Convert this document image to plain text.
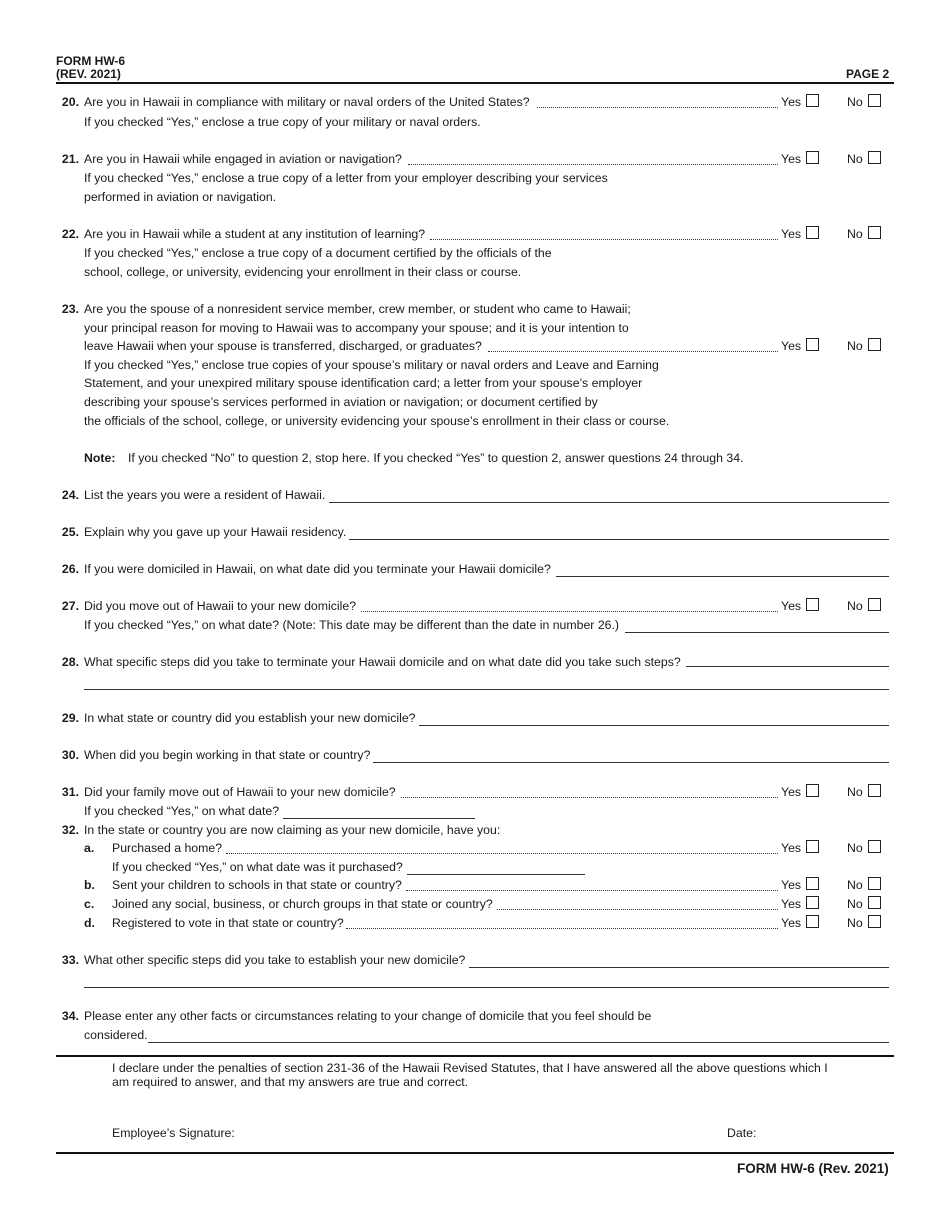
FORM HW-6
(REV. 2021)	PAGE 2
20. Are you in Hawaii in compliance with military or naval orders of the United States?	Yes	No
If you checked “Yes,” enclose a true copy of your military or naval orders.
21. Are you in Hawaii while engaged in aviation or navigation?	Yes	No
If you checked “Yes,” enclose a true copy of a letter from your employer describing your services
performed in aviation or navigation.
22. Are you in Hawaii while a student at any institution of learning?	Yes	No
If you checked “Yes,” enclose a true copy of a document certified by the officials of the
school, college, or university, evidencing your enrollment in their class or course.
23. Are you the spouse of a nonresident service member, crew member, or student who came to Hawaii;
your principal reason for moving to Hawaii was to accompany your spouse; and it is your intention to
leave Hawaii when your spouse is transferred, discharged, or graduates?	Yes	No
If you checked “Yes,” enclose true copies of your spouse’s military or naval orders and Leave and Earning
Statement, and your unexpired military spouse identification card; a letter from your spouse’s employer
describing your spouse’s services performed in aviation or navigation; or document certified by
the officials of the school, college, or university evidencing your spouse’s enrollment in their class or course.
Note: If you checked “No” to question 2, stop here. If you checked “Yes” to question 2, answer questions 24 through 34.
24. List the years you were a resident of Hawaii.
25. Explain why you gave up your Hawaii residency.
26. If you were domiciled in Hawaii, on what date did you terminate your Hawaii domicile?
27. Did you move out of Hawaii to your new domicile?	Yes	No
If you checked “Yes,” on what date? (Note: This date may be different than the date in number 26.)
28. What specific steps did you take to terminate your Hawaii domicile and on what date did you take such steps?
29. In what state or country did you establish your new domicile?
30. When did you begin working in that state or country?
31. Did your family move out of Hawaii to your new domicile?	Yes	No
If you checked “Yes,” on what date?
32. In the state or country you are now claiming as your new domicile, have you:
a. Purchased a home?	Yes	No
If you checked “Yes,” on what date was it purchased?
b. Sent your children to schools in that state or country?	Yes	No
c. Joined any social, business, or church groups in that state or country?	Yes	No
d. Registered to vote in that state or country?	Yes	No
33. What other specific steps did you take to establish your new domicile?
34. Please enter any other facts or circumstances relating to your change of domicile that you feel should be
considered.
I declare under the penalties of section 231-36 of the Hawaii Revised Statutes, that I have answered all the above questions which I
am required to answer, and that my answers are true and correct.
Employee’s Signature:	Date:
FORM HW-6 (Rev. 2021)
